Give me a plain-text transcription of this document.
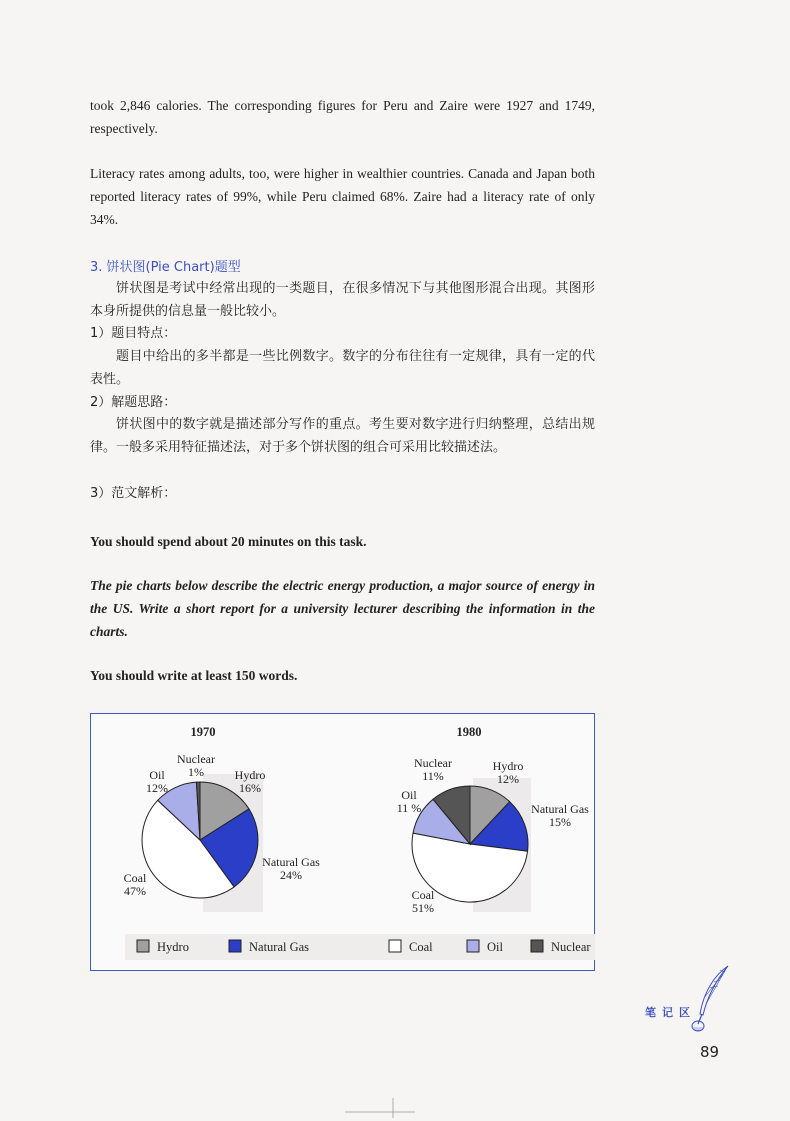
took 2,846 calories. The corresponding figures for Peru and Zaire were 1927 and 1749, respectively.

Literacy rates among adults, too, were higher in wealthier countries. Canada and Japan both reported literacy rates of 99%, while Peru claimed 68%. Zaire had a literacy rate of only 34%.

3. 饼状图(Pie Chart)题型

饼状图是考试中经常出现的一类题目，在很多情况下与其他图形混合出现。其图形本身所提供的信息量一般比较小。

1）题目特点：

题目中给出的多半都是一些比例数字。数字的分布往往有一定规律，具有一定的代表性。

2）解题思路：

饼状图中的数字就是描述部分写作的重点。考生要对数字进行归纳整理，总结出规律。一般多采用特征描述法，对于多个饼状图的组合可采用比较描述法。

3）范文解析：

You should spend about 20 minutes on this task.

The pie charts below describe the electric energy production, a major source of energy in the US. Write a short report for a university lecturer describing the information in the charts.

You should write at least 150 words.

1970
Hydro
16%
Natural Gas
24%
Coal
47%
Oil
12%
Nuclear
1%
1980
Hydro
12%
Natural Gas
15%
Coal
51%
Oil
11 %
Nuclear
11%
Hydro	Natural Gas	Coal	Oil	Nuclear
笔记区
89
